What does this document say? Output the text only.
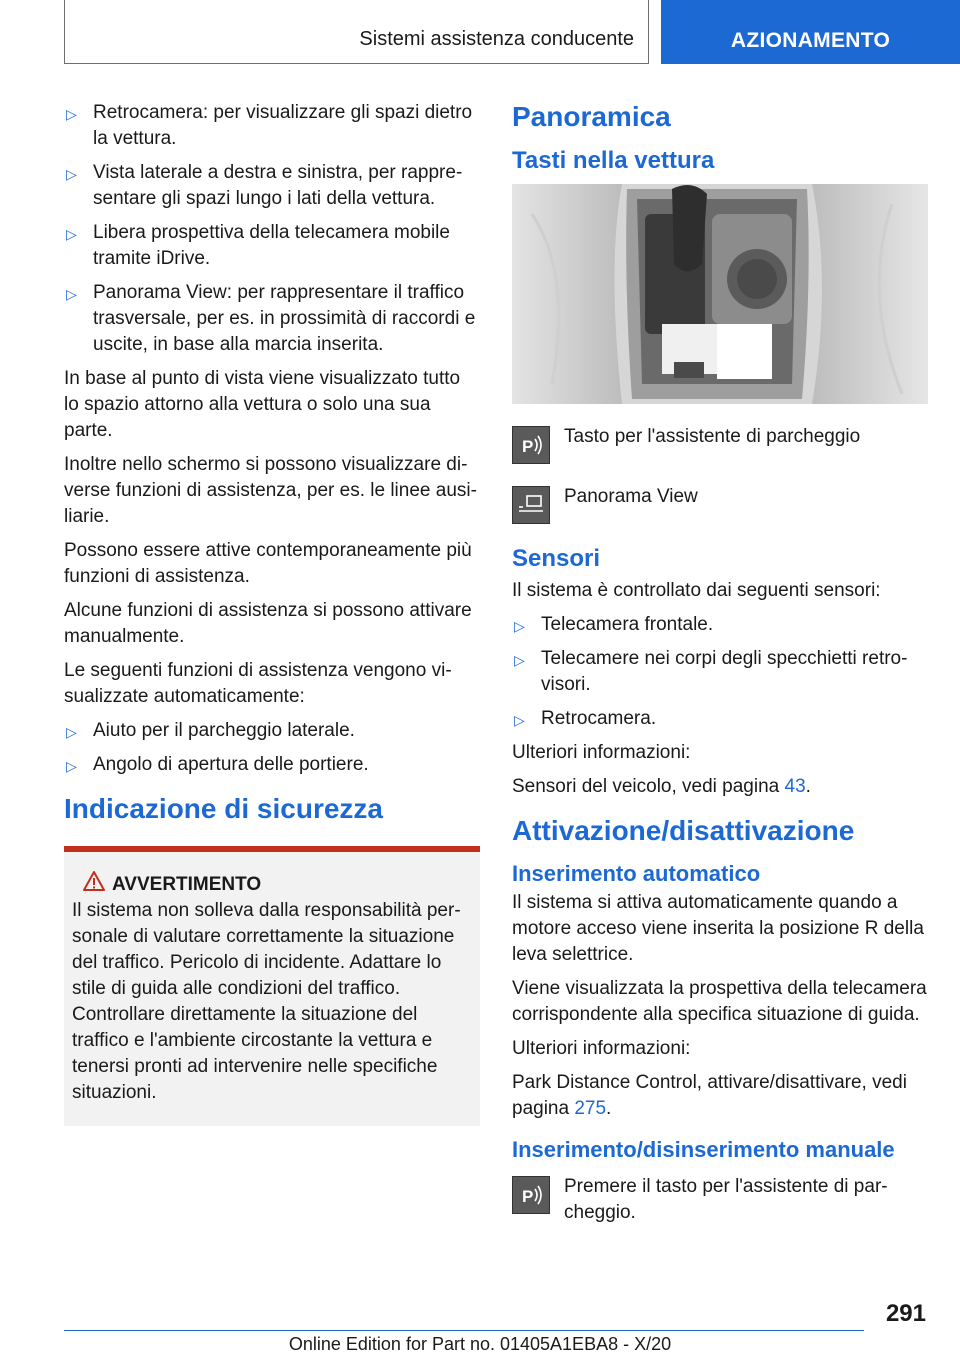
Sistemi assistenza conducente	AZIONAMENTO
▷ Retrocamera: per visualizzare gli spazi dietro la vettura.
▷ Vista laterale a destra e sinistra, per rappresentare gli spazi lungo i lati della vettura.
▷ Libera prospettiva della telecamera mobile tramite iDrive.
▷ Panorama View: per rappresentare il traffico trasversale, per es. in prossimità di raccordi e uscite, in base alla marcia inserita.

In base al punto di vista viene visualizzato tutto lo spazio attorno alla vettura o solo una sua parte.

Inoltre nello schermo si possono visualizzare diverse funzioni di assistenza, per es. le linee ausiliarie.

Possono essere attive contemporaneamente più funzioni di assistenza.

Alcune funzioni di assistenza si possono attivare manualmente.

Le seguenti funzioni di assistenza vengono visualizzate automaticamente:

▷ Aiuto per il parcheggio laterale.
▷ Angolo di apertura delle portiere.
Indicazione di sicurezza
AVVERTIMENTO
Il sistema non solleva dalla responsabilità personale di valutare correttamente la situazione del traffico. Pericolo di incidente. Adattare lo stile di guida alle condizioni del traffico. Controllare direttamente la situazione del traffico e l'ambiente circostante la vettura e tenersi pronti ad intervenire nelle specifiche situazioni.
Panoramica
Tasti nella vettura
P Tasto per l'assistente di parcheggio
Panorama View
Sensori

Il sistema è controllato dai seguenti sensori:

▷ Telecamera frontale.
▷ Telecamere nei corpi degli specchietti retrovisori.
▷ Retrocamera.

Ulteriori informazioni:

Sensori del veicolo, vedi pagina 43.

Attivazione/disattivazione
Inserimento automatico

Il sistema si attiva automaticamente quando a motore acceso viene inserita la posizione R della leva selettrice.

Viene visualizzata la prospettiva della telecamera corrispondente alla specifica situazione di guida.

Ulteriori informazioni:

Park Distance Control, attivare/disattivare, vedi pagina 275.

Inserimento/disinserimento manuale
P Premere il tasto per l'assistente di parcheggio.
291
Online Edition for Part no. 01405A1EBA8 - X/20
